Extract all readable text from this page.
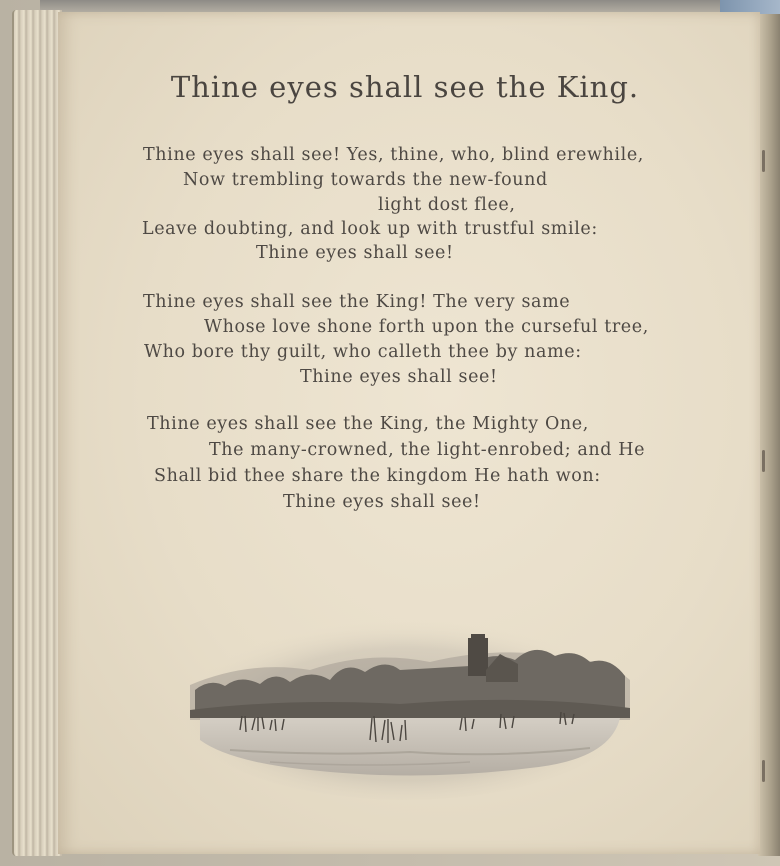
Thine eyes shall see the King.
Thine eyes shall see! Yes, thine, who, blind erewhile,
Now trembling towards the new-found
light dost flee,
Leave doubting, and look up with trustful smile:
Thine eyes shall see!
Thine eyes shall see the King! The very same
Whose love shone forth upon the curseful tree,
Who bore thy guilt, who calleth thee by name:
Thine eyes shall see!
Thine eyes shall see the King, the Mighty One,
The many-crowned, the light-enrobed; and He
Shall bid thee share the kingdom He hath won:
Thine eyes shall see!
